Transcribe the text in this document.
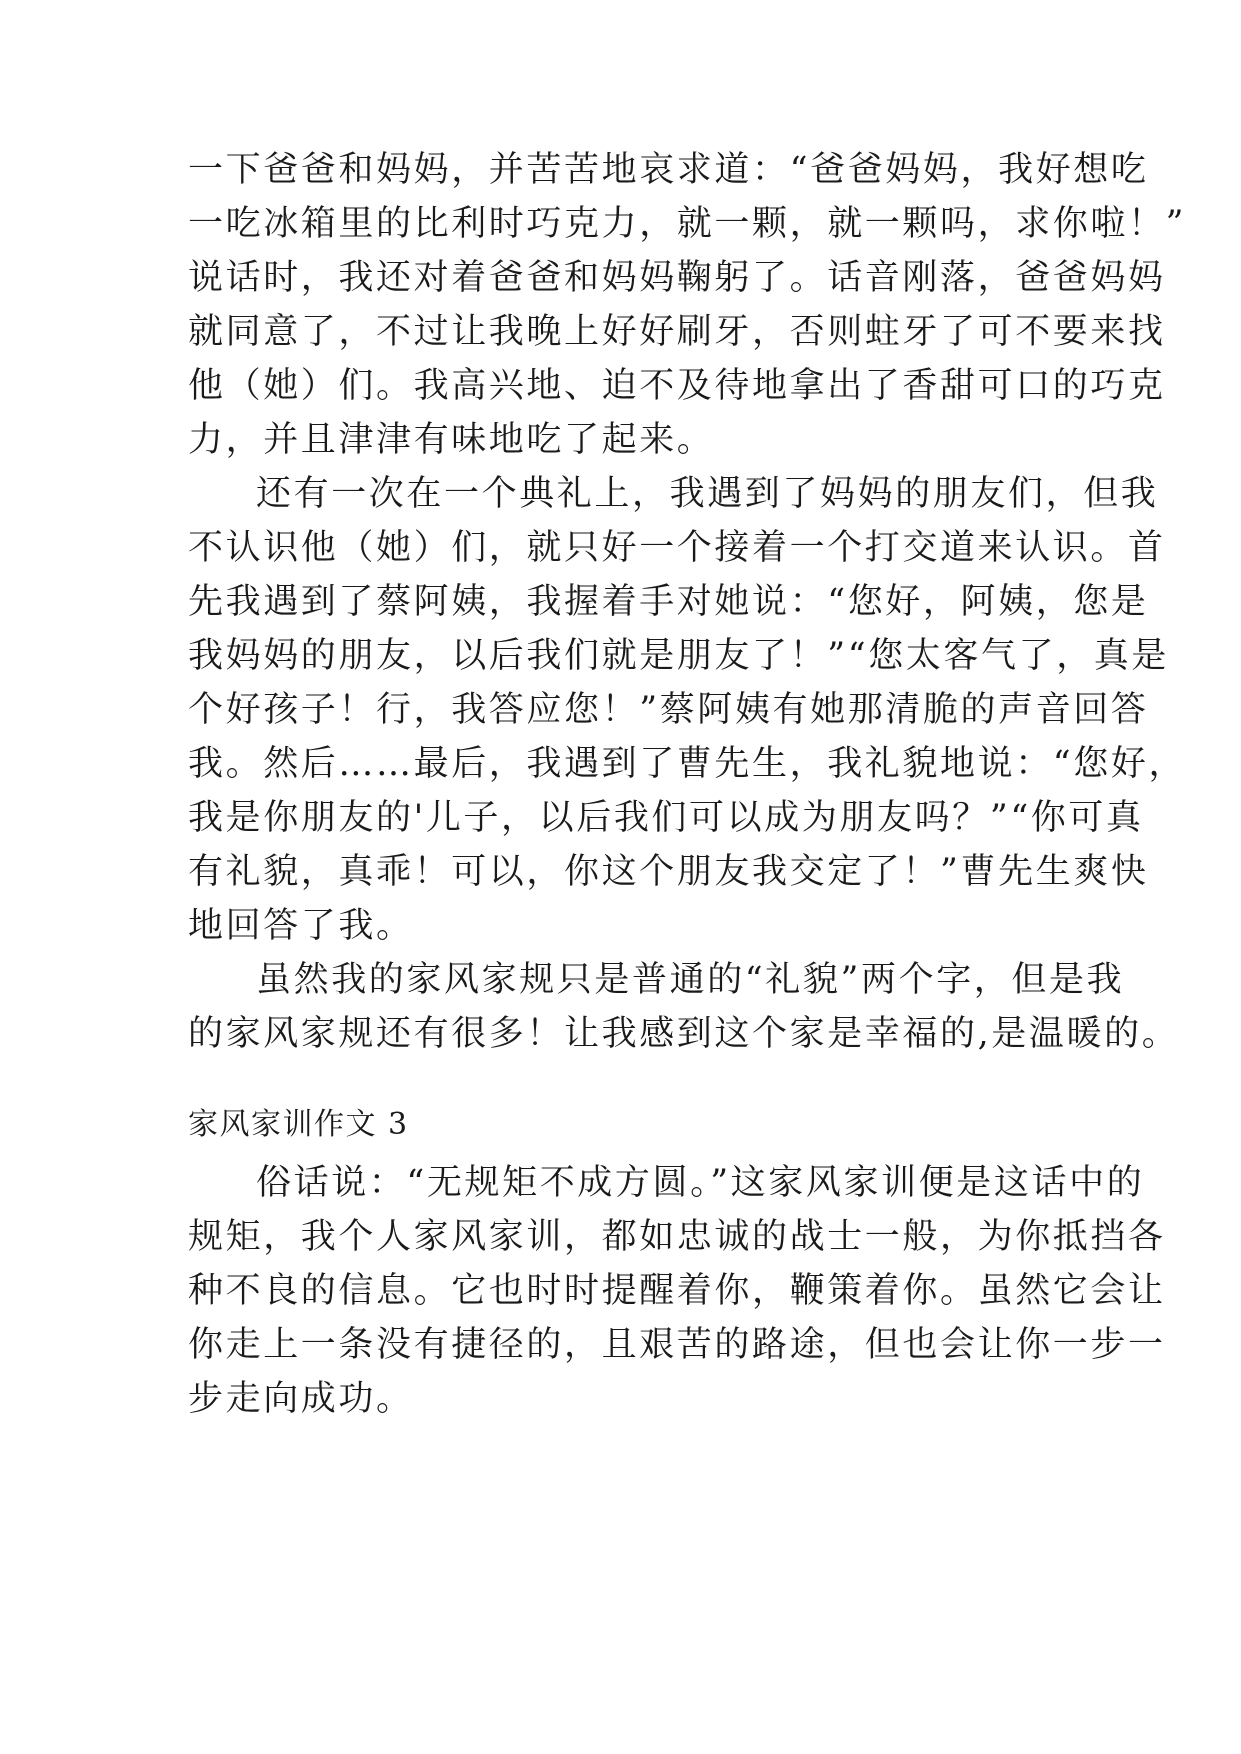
一下爸爸和妈妈，并苦苦地哀求道：“爸爸妈妈，我好想吃
一吃冰箱里的比利时巧克力，就一颗，就一颗吗，求你啦！”
说话时，我还对着爸爸和妈妈鞠躬了。话音刚落，爸爸妈妈
就同意了，不过让我晚上好好刷牙，否则蛀牙了可不要来找
他（她）们。我高兴地、迫不及待地拿出了香甜可口的巧克
力，并且津津有味地吃了起来。
还有一次在一个典礼上，我遇到了妈妈的朋友们，但我
不认识他（她）们，就只好一个接着一个打交道来认识。首
先我遇到了蔡阿姨，我握着手对她说：“您好，阿姨，您是
我妈妈的朋友，以后我们就是朋友了！”“您太客气了，真是
个好孩子！行，我答应您！”蔡阿姨有她那清脆的声音回答
我。然后……最后，我遇到了曹先生，我礼貌地说：“您好，
我是你朋友的'儿子，以后我们可以成为朋友吗？”“你可真
有礼貌，真乖！可以，你这个朋友我交定了！”曹先生爽快
地回答了我。
虽然我的家风家规只是普通的“礼貌”两个字，但是我
的家风家规还有很多！让我感到这个家是幸福的,是温暖的。
家风家训作文 3
俗话说：“无规矩不成方圆。”这家风家训便是这话中的
规矩，我个人家风家训，都如忠诚的战士一般，为你抵挡各
种不良的信息。它也时时提醒着你，鞭策着你。虽然它会让
你走上一条没有捷径的，且艰苦的路途，但也会让你一步一
步走向成功。
